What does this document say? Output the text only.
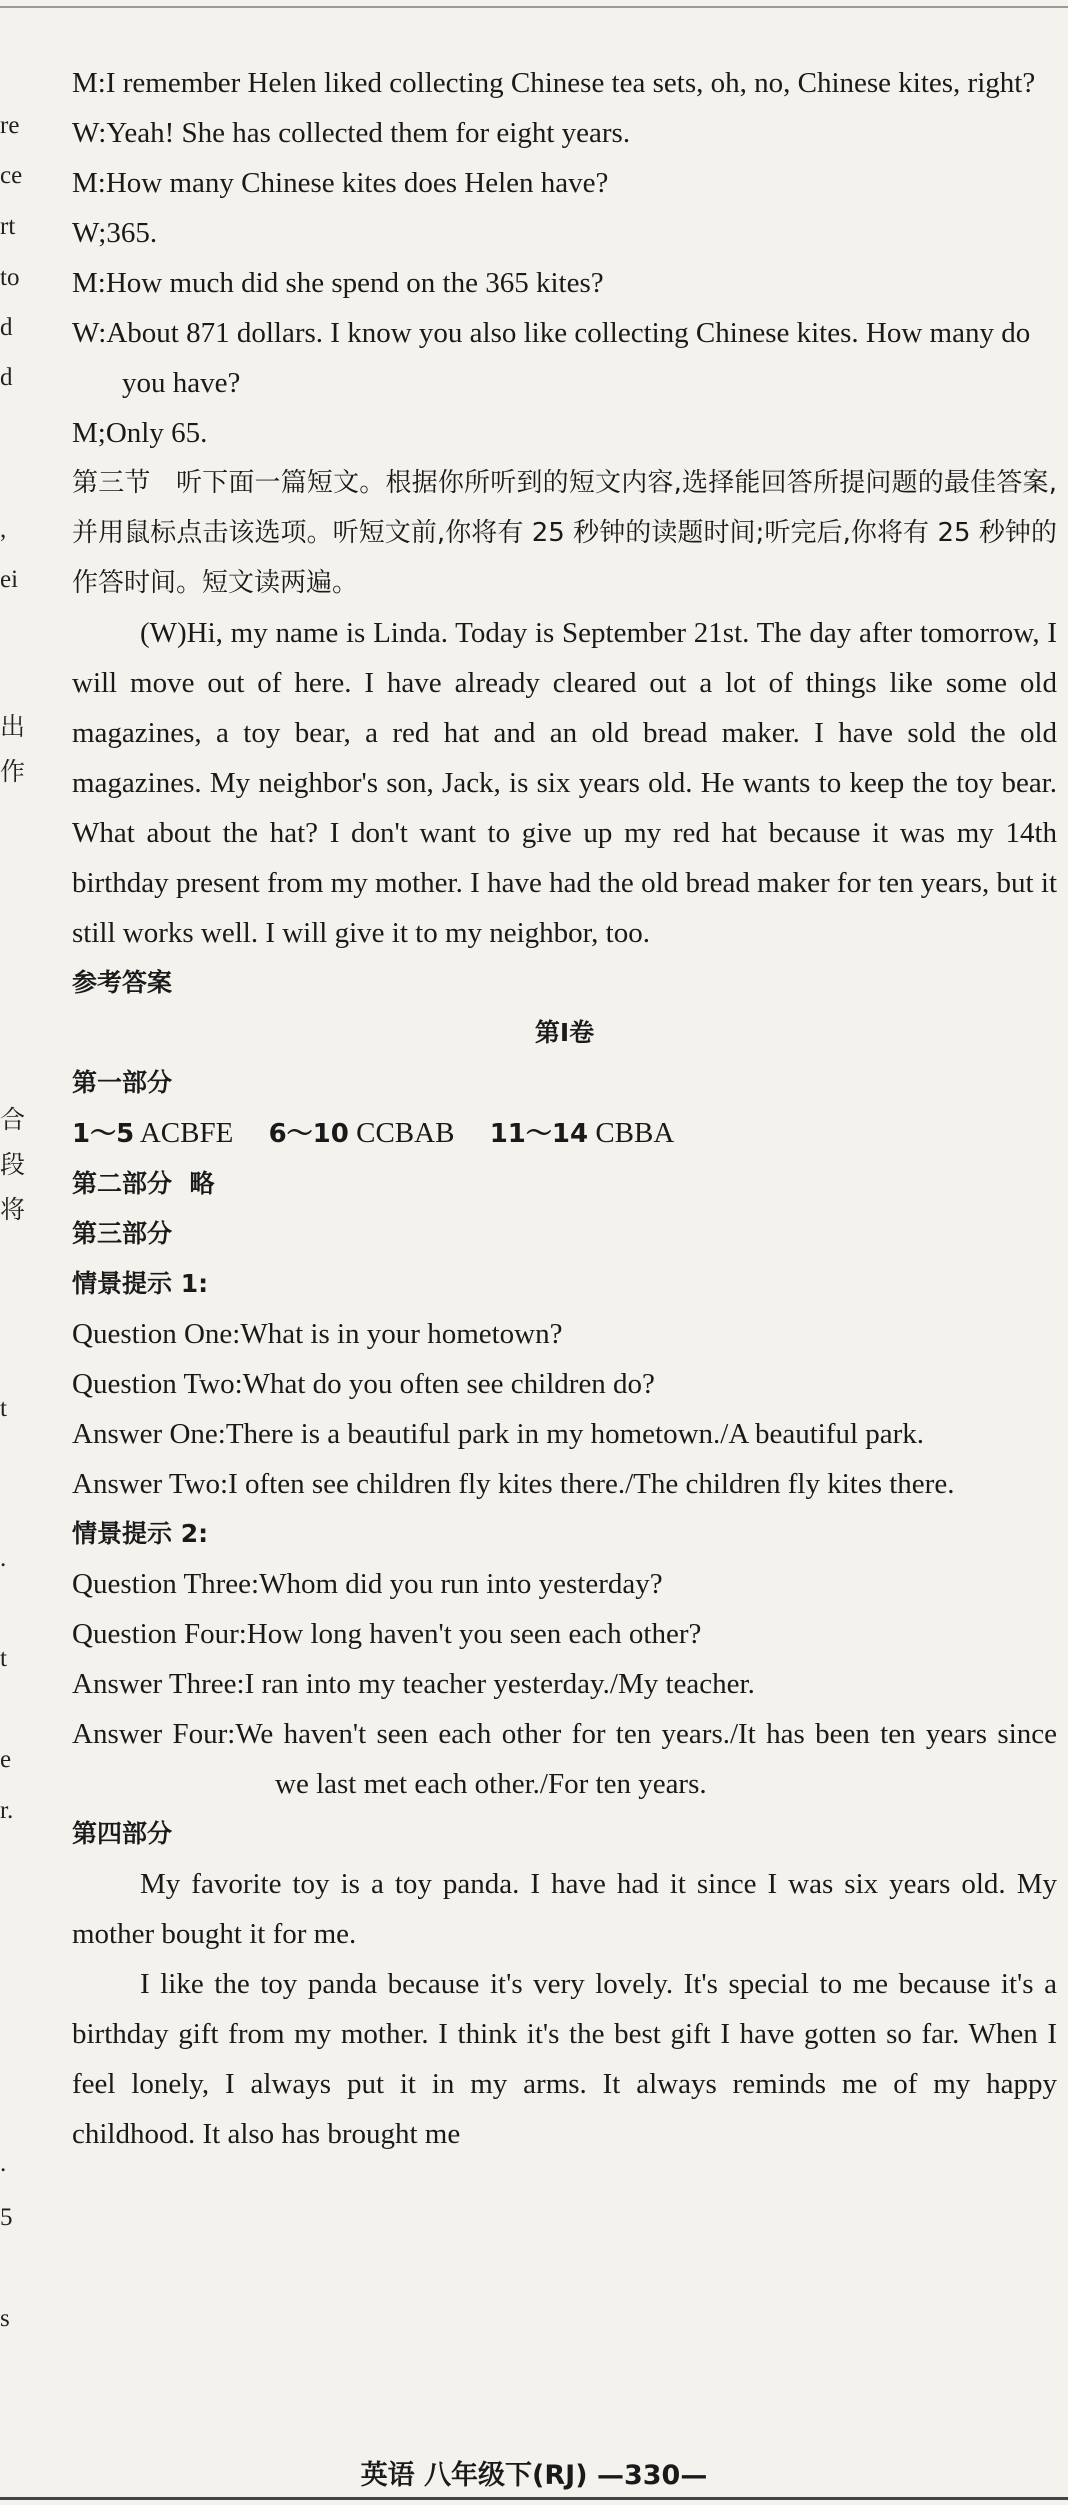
re
ce
rt
to
d
d
,
ei
出
作
合
段
将
t
.
t
e
r.
.
5
s
M:I remember Helen liked collecting Chinese tea sets, oh, no, Chinese kites, right?
W:Yeah! She has collected them for eight years.
M:How many Chinese kites does Helen have?
W;365.
M:How much did she spend on the 365 kites?
W:About 871 dollars. I know you also like collecting Chinese kites. How many do you have?
M;Only 65.
第三节 听下面一篇短文。根据你所听到的短文内容,选择能回答所提问题的最佳答案,并用鼠标点击该选项。听短文前,你将有 25 秒钟的读题时间;听完后,你将有 25 秒钟的作答时间。短文读两遍。
(W)Hi, my name is Linda. Today is September 21st. The day after tomorrow, I will move out of here. I have already cleared out a lot of things like some old magazines, a toy bear, a red hat and an old bread maker. I have sold the old magazines. My neighbor's son, Jack, is six years old. He wants to keep the toy bear. What about the hat? I don't want to give up my red hat because it was my 14th birthday present from my mother. I have had the old bread maker for ten years, but it still works well. I will give it to my neighbor, too.
参考答案
第Ⅰ卷
第一部分
1～5 ACBFE 6～10 CCBAB 11～14 CBBA
第二部分 略
第三部分
情景提示 1:
Question One:What is in your hometown?
Question Two:What do you often see children do?
Answer One:There is a beautiful park in my hometown./A beautiful park.
Answer Two:I often see children fly kites there./The children fly kites there.
情景提示 2:
Question Three:Whom did you run into yesterday?
Question Four:How long haven't you seen each other?
Answer Three:I ran into my teacher yesterday./My teacher.
Answer Four:We haven't seen each other for ten years./It has been ten years since we last met each other./For ten years.
第四部分
My favorite toy is a toy panda. I have had it since I was six years old. My mother bought it for me.
I like the toy panda because it's very lovely. It's special to me because it's a birthday gift from my mother. I think it's the best gift I have gotten so far. When I feel lonely, I always put it in my arms. It always reminds me of my happy childhood. It also has brought me
英语 八年级下(RJ) —330—
